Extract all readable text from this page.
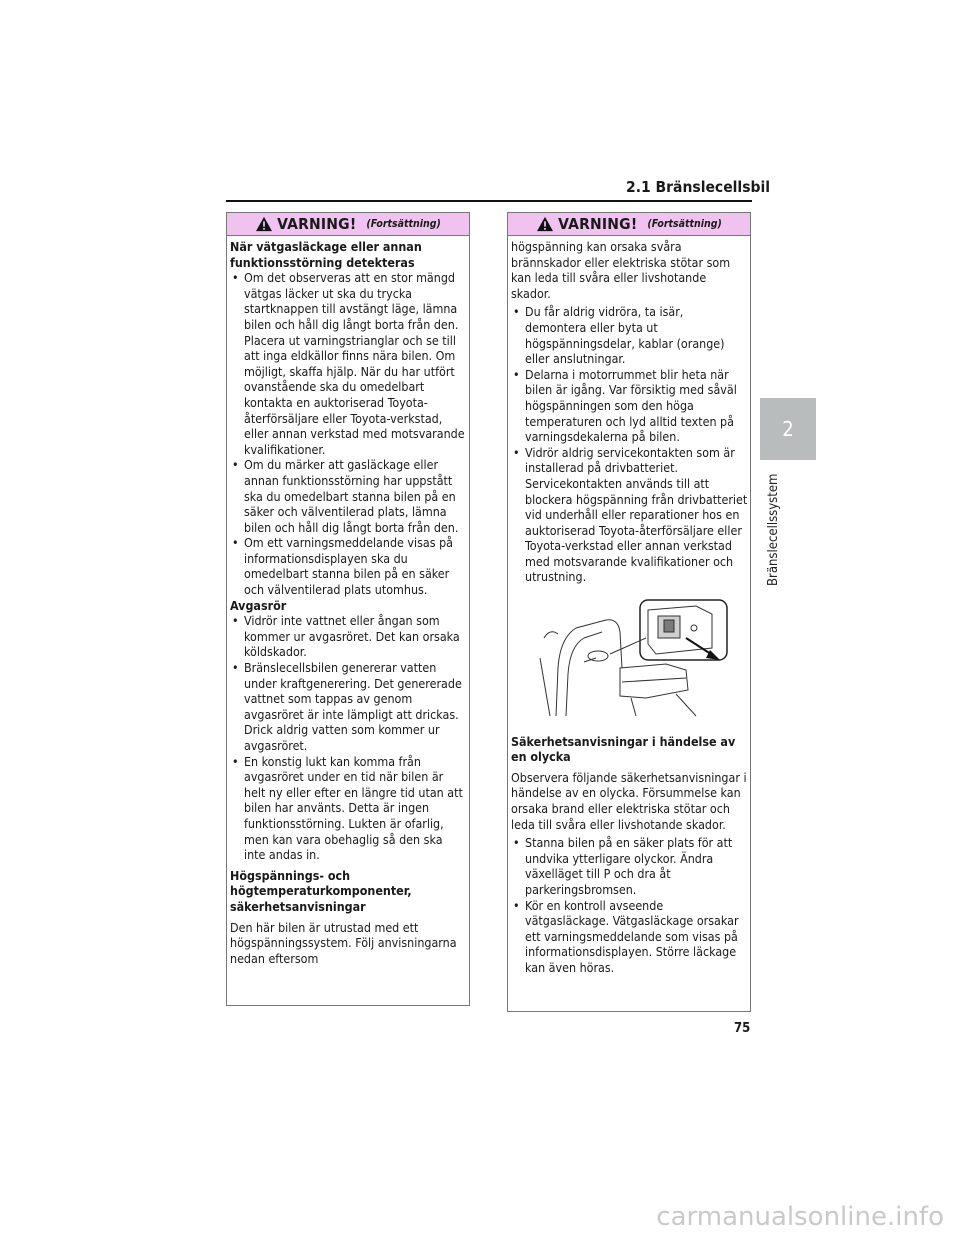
2.1 Bränslecellsbil
2
Bränslecellssystem
75
carmanualsonline.info
VARNING! (Fortsättning)

När vätgasläckage eller annan funktionsstörning detekteras

• Om det observeras att en stor mängd vätgas läcker ut ska du trycka startknappen till avstängt läge, lämna bilen och håll dig långt borta från den. Placera ut varningstrianglar och se till att inga eldkällor finns nära bilen. Om möjligt, skaffa hjälp. När du har utfört ovanstående ska du omedelbart kontakta en auktoriserad Toyota-återförsäljare eller Toyota-verkstad, eller annan verkstad med motsvarande kvalifikationer.
• Om du märker att gasläckage eller annan funktionsstörning har uppstått ska du omedelbart stanna bilen på en säker och välventilerad plats, lämna bilen och håll dig långt borta från den.
• Om ett varningsmeddelande visas på informationsdisplayen ska du omedelbart stanna bilen på en säker och välventilerad plats utomhus.

Avgasrör

• Vidrör inte vattnet eller ångan som kommer ur avgasröret. Det kan orsaka köldskador.
• Bränslecellsbilen genererar vatten under kraftgenerering. Det genererade vattnet som tappas av genom avgasröret är inte lämpligt att drickas. Drick aldrig vatten som kommer ur avgasröret.
• En konstig lukt kan komma från avgasröret under en tid när bilen är helt ny eller efter en längre tid utan att bilen har använts. Detta är ingen funktionsstörning. Lukten är ofarlig, men kan vara obehaglig så den ska inte andas in.

Högspännings- och högtemperaturkomponenter, säkerhetsanvisningar

Den här bilen är utrustad med ett högspänningssystem. Följ anvisningarna nedan eftersom

VARNING! (Fortsättning)

högspänning kan orsaka svåra brännskador eller elektriska stötar som kan leda till svåra eller livshotande skador.

• Du får aldrig vidröra, ta isär, demontera eller byta ut högspänningsdelar, kablar (orange) eller anslutningar.
• Delarna i motorrummet blir heta när bilen är igång. Var försiktig med såväl högspänningen som den höga temperaturen och lyd alltid texten på varningsdekalerna på bilen.
• Vidrör aldrig servicekontakten som är installerad på drivbatteriet. Servicekontakten används till att blockera högspänning från drivbatteriet vid underhåll eller reparationer hos en auktoriserad Toyota-återförsäljare eller Toyota-verkstad eller annan verkstad med motsvarande kvalifikationer och utrustning.

Säkerhetsanvisningar i händelse av en olycka

Observera följande säkerhetsanvisningar i händelse av en olycka. Försummelse kan orsaka brand eller elektriska stötar och leda till svåra eller livshotande skador.

• Stanna bilen på en säker plats för att undvika ytterligare olyckor. Ändra växelläget till P och dra åt parkeringsbromsen.
• Kör en kontroll avseende vätgasläckage. Vätgasläckage orsakar ett varningsmeddelande som visas på informationsdisplayen. Större läckage kan även höras.
